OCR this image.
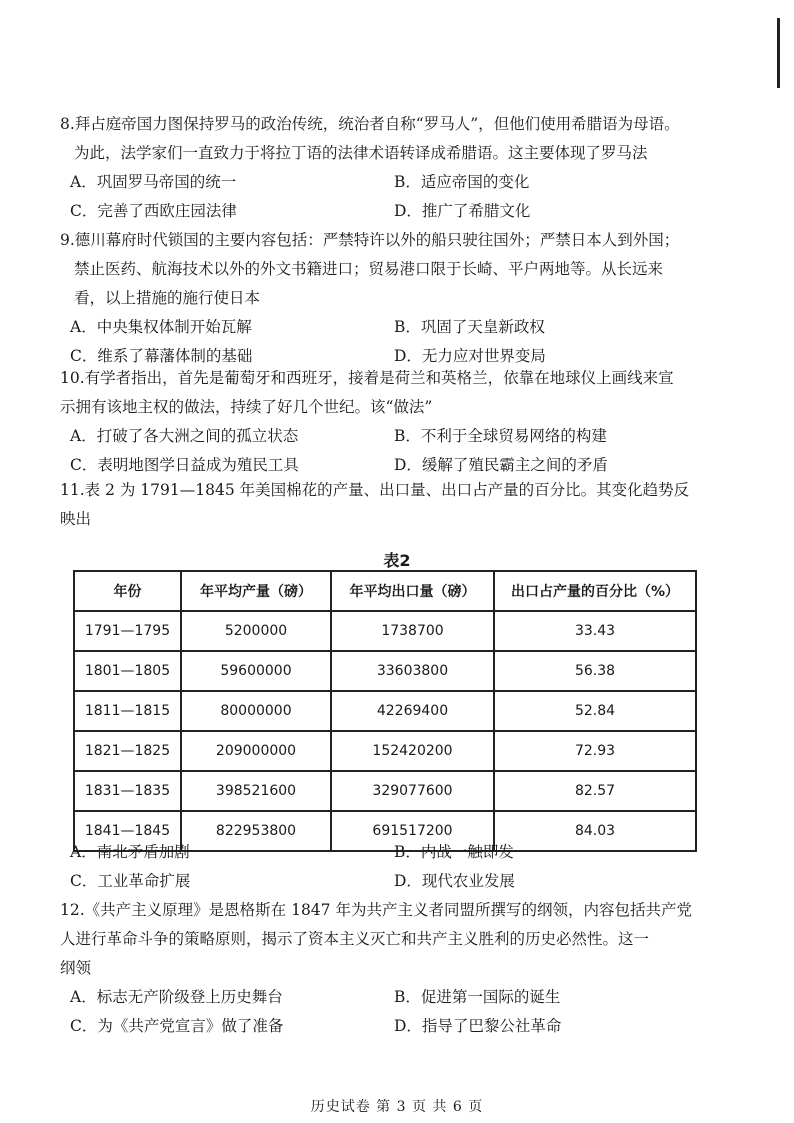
8.拜占庭帝国力图保持罗马的政治传统，统治者自称“罗马人”，但他们使用希腊语为母语。

为此，法学家们一直致力于将拉丁语的法律术语转译成希腊语。这主要体现了罗马法

A．巩固罗马帝国的统一	B．适应帝国的变化
C．完善了西欧庄园法律	D．推广了希腊文化

9.德川幕府时代锁国的主要内容包括：严禁特许以外的船只驶往国外；严禁日本人到外国；

禁止医药、航海技术以外的外文书籍进口；贸易港口限于长崎、平户两地等。从长远来

看，以上措施的施行使日本

A．中央集权体制开始瓦解	B．巩固了天皇新政权
C．维系了幕藩体制的基础	D．无力应对世界变局

10.有学者指出，首先是葡萄牙和西班牙，接着是荷兰和英格兰，依靠在地球仪上画线来宣

示拥有该地主权的做法，持续了好几个世纪。该“做法”

A．打破了各大洲之间的孤立状态	B．不利于全球贸易网络的构建
C．表明地图学日益成为殖民工具	D．缓解了殖民霸主之间的矛盾

11.表 2 为 1791—1845 年美国棉花的产量、出口量、出口占产量的百分比。其变化趋势反

映出

表2
年份	年平均产量（磅）	年平均出口量（磅）	出口占产量的百分比（%）
1791—1795	5200000	1738700	33.43
1801—1805	59600000	33603800	56.38
1811—1815	80000000	42269400	52.84
1821—1825	209000000	152420200	72.93
1831—1835	398521600	329077600	82.57
1841—1845	822953800	691517200	84.03
A．南北矛盾加剧	B．内战一触即发
C．工业革命扩展	D．现代农业发展

12.《共产主义原理》是恩格斯在 1847 年为共产主义者同盟所撰写的纲领，内容包括共产党

人进行革命斗争的策略原则，揭示了资本主义灭亡和共产主义胜利的历史必然性。这一

纲领

A．标志无产阶级登上历史舞台	B．促进第一国际的诞生
C．为《共产党宣言》做了准备	D．指导了巴黎公社革命
历史试卷 第 3 页 共 6 页
